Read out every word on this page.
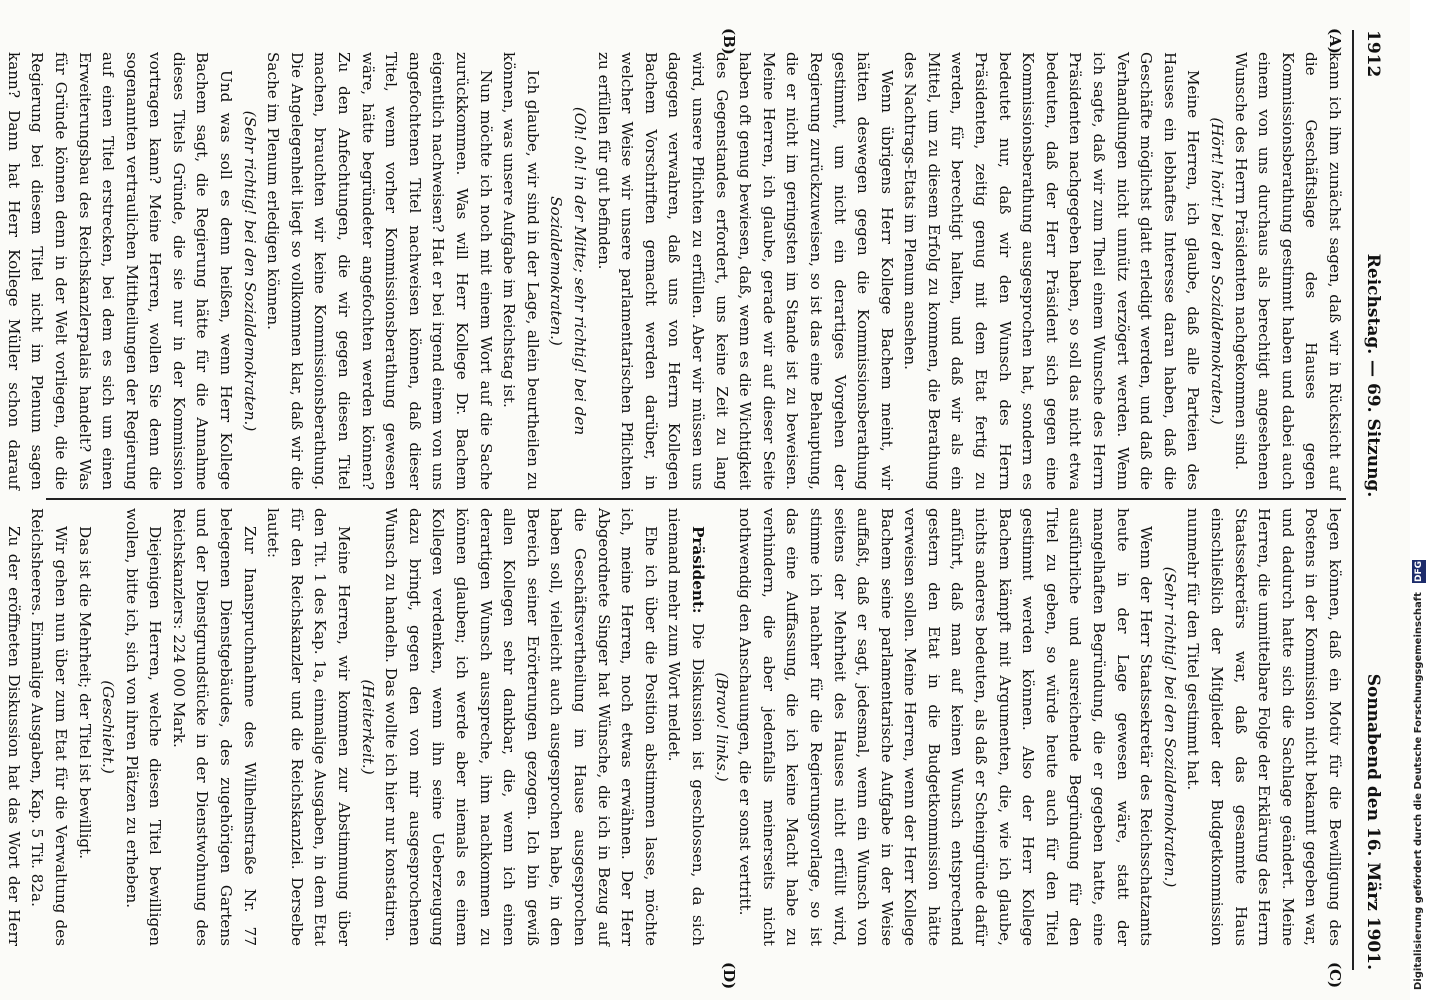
1912
Reichstag. — 69. Sitzung.
Sonnabend den 16. März 1901.
(A)
(B)
(C)
(D)

kann ich ihm zunächst sagen, daß wir in Rücksicht auf die Geschäftslage des Hauses gegen Kommissionsberathung gestimmt haben und dabei auch einem von uns durchaus als berechtigt angesehenen Wunsche des Herrn Präsidenten nachgekommen sind.

(Hört! hört! bei den Sozialdemokraten.)

Meine Herren, ich glaube, daß alle Parteien des Hauses ein lebhaftes Interesse daran haben, daß die Geschäfte möglichst glatt erledigt werden, und daß die Verhandlungen nicht unnütz verzögert werden. Wenn ich sagte, daß wir zum Theil einem Wunsche des Herrn Präsidenten nachgegeben haben, so soll das nicht etwa bedeuten, daß der Herr Präsident sich gegen eine Kommissionsberathung ausgesprochen hat, sondern es bedeutet nur, daß wir den Wunsch des Herrn Präsidenten, zeitig genug mit dem Etat fertig zu werden, für berechtigt halten, und daß wir als ein Mittel, um zu diesem Erfolg zu kommen, die Berathung des Nachtrags-Etats im Plenum ansehen.

Wenn übrigens Herr Kollege Bachem meint, wir hätten deswegen gegen die Kommissionsberathung gestimmt, um nicht ein derartiges Vorgehen der Regierung zurückzuweisen, so ist das eine Behauptung, die er nicht im geringsten im Stande ist zu beweisen. Meine Herren, ich glaube, gerade wir auf dieser Seite haben oft genug bewiesen, daß, wenn es die Wichtigkeit des Gegenstandes erfordert, uns keine Zeit zu lang wird, unsere Pflichten zu erfüllen. Aber wir müssen uns dagegen verwahren, daß uns von Herrn Kollegen Bachem Vorschriften gemacht werden darüber, in welcher Weise wir unsere parlamentarischen Pflichten zu erfüllen für gut befinden.

(Oh! oh! in der Mitte; sehr richtig! bei den Sozialdemokraten.)

Ich glaube, wir sind in der Lage, allein beurtheilen zu können, was unsere Aufgabe im Reichstag ist.

Nun möchte ich noch mit einem Wort auf die Sache zurückkommen. Was will Herr Kollege Dr. Bachem eigentlich nachweisen? Hat er bei irgend einem von uns angefochtenen Titel nachweisen können, daß dieser Titel, wenn vorher Kommissionsberathung gewesen wäre, hätte begründeter angefochten werden können? Zu den Anfechtungen, die wir gegen diesen Titel machen, brauchten wir keine Kommissionsberathung. Die Angelegenheit liegt so vollkommen klar, daß wir die Sache im Plenum erledigen können.

(Sehr richtig! bei den Sozialdemokraten.)

Und was soll es denn heißen, wenn Herr Kollege Bachem sagt, die Regierung hätte für die Annahme dieses Titels Gründe, die sie nur in der Kommission vortragen kann? Meine Herren, wollen Sie denn die sogenannten vertraulichen Mittheilungen der Regierung auf einen Titel erstrecken, bei dem es sich um einen Erweiterungsbau des Reichskanzlerpalais handelt? Was für Gründe können denn in der Welt vorliegen, die die Regierung bei diesem Titel nicht im Plenum sagen kann? Dann hat Herr Kollege Müller schon darauf

legen können, daß ein Motiv für die Bewilligung des Postens in der Kommission nicht bekannt gegeben war, und dadurch hatte sich die Sachlage geändert. Meine Herren, die unmittelbare Folge der Erklärung des Herrn Staatssekretärs war, daß das gesammte Haus einschließlich der Mitglieder der Budgetkommission nunmehr für den Titel gestimmt hat.

(Sehr richtig! bei den Sozialdemokraten.)

Wenn der Herr Staatssekretär des Reichsschatzamts heute in der Lage gewesen wäre, statt der mangelhaften Begründung, die er gegeben hatte, eine ausführliche und ausreichende Begründung für den Titel zu geben, so würde heute auch für den Titel gestimmt werden können. Also der Herr Kollege Bachem kämpft mit Argumenten, die, wie ich glaube, nichts anderes bedeuten, als daß er Scheingründe dafür anführt, daß man auf keinen Wunsch entsprechend gestern den Etat in die Budgetkommission hätte verweisen sollen. Meine Herren, wenn der Herr Kollege Bachem seine parlamentarische Aufgabe in der Weise auffaßt, daß er sagt, jedesmal, wenn ein Wunsch von seitens der Mehrheit des Hauses nicht erfüllt wird, stimme ich nachher für die Regierungsvorlage, so ist das eine Auffassung, die ich keine Macht habe zu verhindern, die aber jedenfalls meinerseits nicht nothwendig den Anschauungen, die er sonst vertritt.

(Bravo! links.)

Präsident: Die Diskussion ist geschlossen, da sich niemand mehr zum Wort meldet.

Ehe ich über die Position abstimmen lasse, möchte ich, meine Herren, noch etwas erwähnen. Der Herr Abgeordnete Singer hat Wünsche, die ich in Bezug auf die Geschäftsvertheilung im Hause ausgesprochen haben soll, vielleicht auch ausgesprochen habe, in den Bereich seiner Erörterungen gezogen. Ich bin gewiß allen Kollegen sehr dankbar, die, wenn ich einen derartigen Wunsch ausspreche, ihm nachkommen zu können glauben; ich werde aber niemals es einem Kollegen verdenken, wenn ihn seine Ueberzeugung dazu bringt, gegen den von mir ausgesprochenen Wunsch zu handeln. Das wollte ich hier nur konstatiren.

(Heiterkeit.)

Meine Herren, wir kommen zur Abstimmung über den Tit. 1 des Kap. 1a, einmalige Ausgaben, in dem Etat für den Reichskanzler und die Reichskanzlei. Derselbe lautet:

Zur Inanspruchnahme des Wilhelmstraße Nr. 77 belegenen Dienstgebäudes, des zugehörigen Gartens und der Dienstgrundstücke in der Dienstwohnung des Reichskanzlers: 224 000 Mark.

Diejenigen Herren, welche diesen Titel bewilligen wollen, bitte ich, sich von ihren Plätzen zu erheben.

(Geschieht.)

Das ist die Mehrheit; der Titel ist bewilligt.

Wir gehen nun über zum Etat für die Verwaltung des Reichsheeres. Einmalige Ausgaben, Kap. 5 Tit. 82a.

Zu der eröffneten Diskussion hat das Wort der Herr	Digitalisierung gefördert durch die Deutsche Forschungsgemeinschaft DFG
